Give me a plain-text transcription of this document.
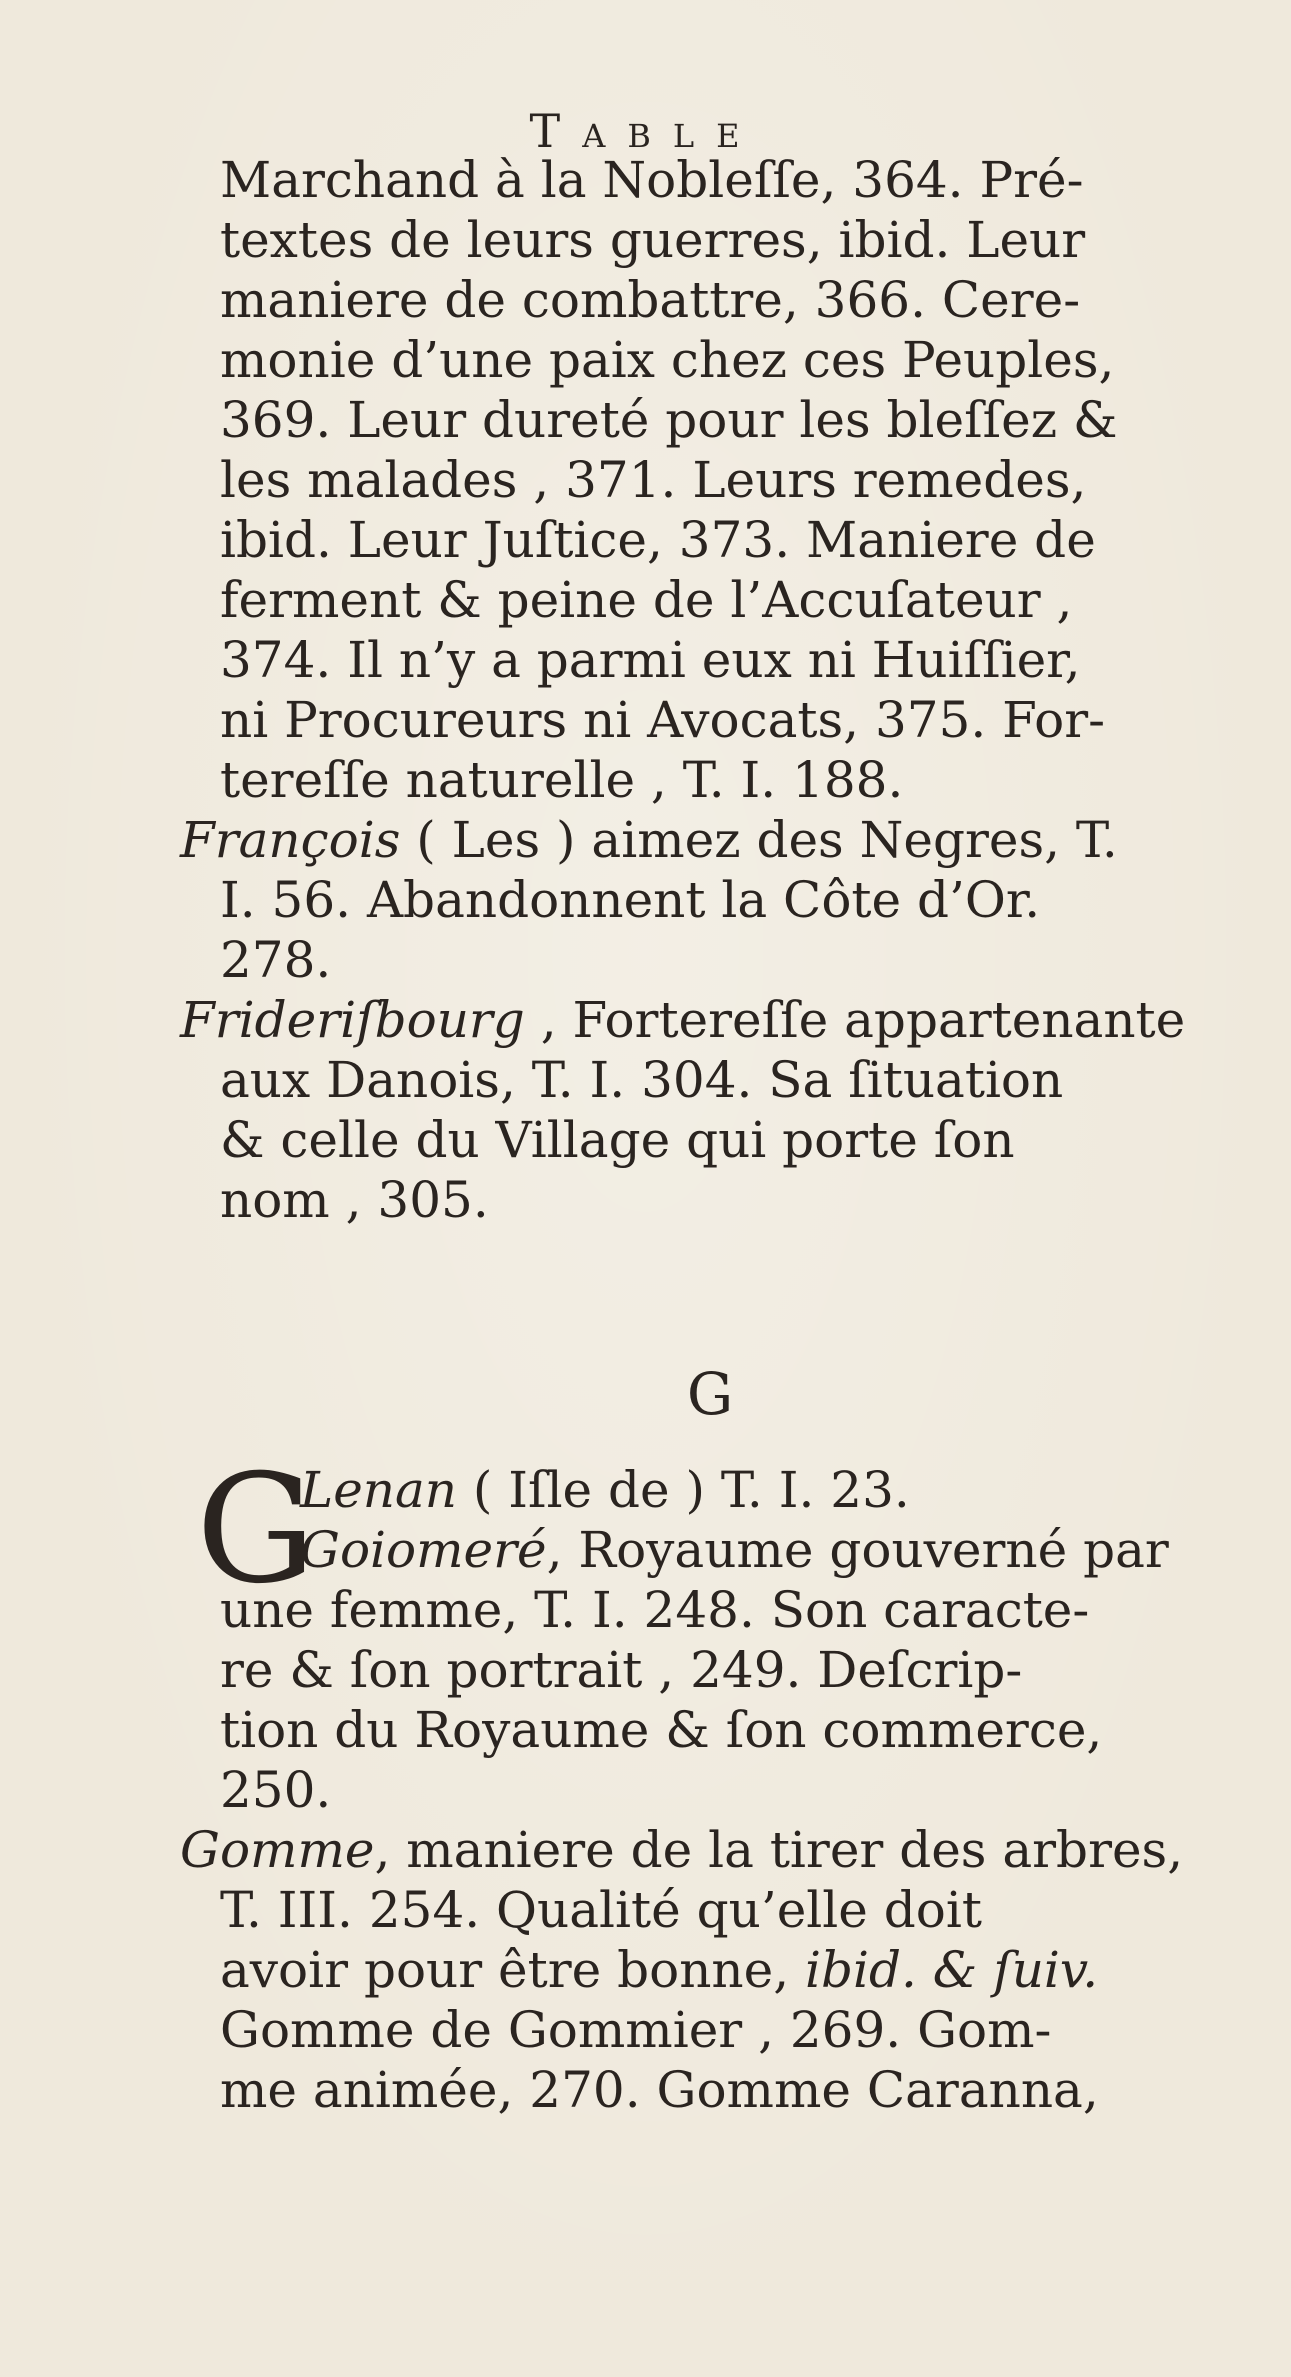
Table
Marchand à la Nobleſſe, 364. Pré-
textes de leurs guerres, ibid. Leur
maniere de combattre, 366. Cere-
monie d’une paix chez ces Peuples,
369. Leur dureté pour les bleſſez &
les malades , 371. Leurs remedes,
ibid. Leur Juſtice, 373. Maniere de
ferment & peine de l’Accuſateur ,
374. Il n’y a parmi eux ni Huiſſier,
ni Procureurs ni Avocats, 375. For-
tereſſe naturelle , T. I. 188.
François ( Les ) aimez des Negres, T.
I. 56. Abandonnent la Côte d’Or.
278.
Frideriſbourg , Forterеſſe appartenante
aux Danois, T. I. 304. Sa ſituation
& celle du Village qui porte ſon
nom , 305.
G
G
Lenan ( Iſle de ) T. I. 23.
Goiomeré, Royaume gouverné par
une femme, T. I. 248. Son caracte-
re & ſon portrait , 249. Deſcrip-
tion du Royaume & ſon commerce,
250.
Gomme, maniere de la tirer des arbres,
T. III. 254. Qualité qu’elle doit
avoir pour être bonne, ibid. & ſuiv.
Gomme de Gommier , 269. Gom-
me animée, 270. Gomme Caranna,
